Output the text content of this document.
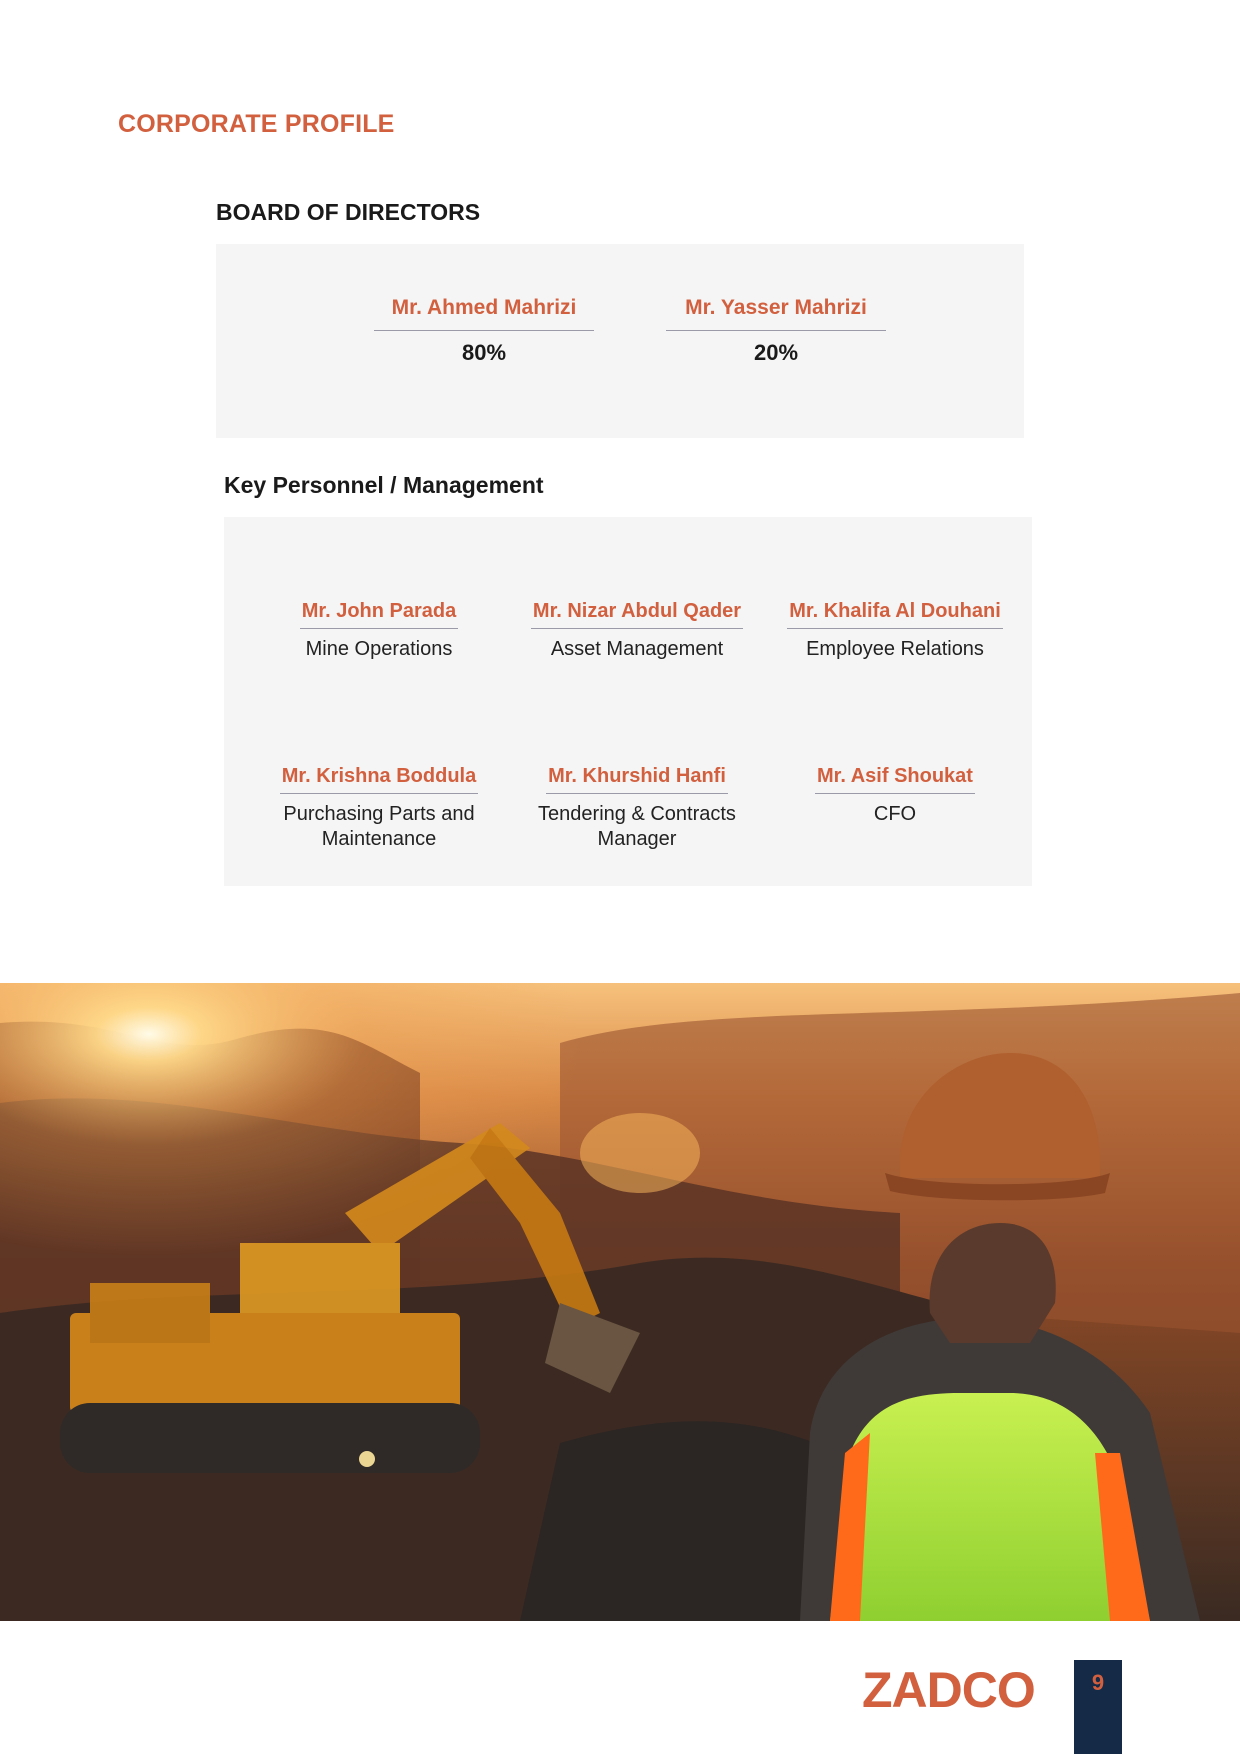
CORPORATE PROFILE
BOARD OF DIRECTORS
Mr. Ahmed Mahrizi
80%
Mr. Yasser Mahrizi
20%
Key Personnel / Management
Mr. John Parada
Mine Operations
Mr. Nizar Abdul Qader
Asset Management
Mr. Khalifa Al Douhani
Employee Relations
Mr. Krishna Boddula
Purchasing Parts and
Maintenance
Mr. Khurshid Hanfi
Tendering & Contracts
Manager
Mr. Asif Shoukat
CFO
ZADCO	9
